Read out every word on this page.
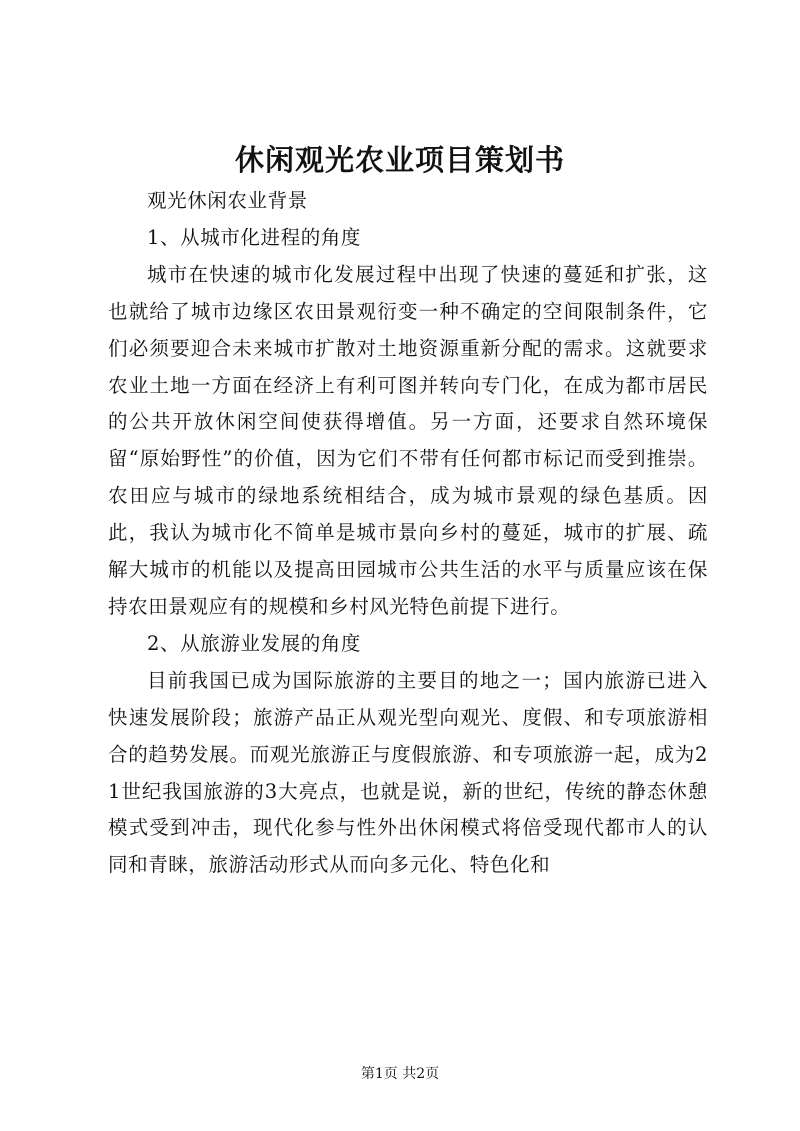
休闲观光农业项目策划书

观光休闲农业背景

1、从城市化进程的角度

城市在快速的城市化发展过程中出现了快速的蔓延和扩张，这也就给了城市边缘区农田景观衍变一种不确定的空间限制条件，它们必须要迎合未来城市扩散对土地资源重新分配的需求。这就要求农业土地一方面在经济上有利可图并转向专门化，在成为都市居民的公共开放休闲空间使获得增值。另一方面，还要求自然环境保留“原始野性”的价值，因为它们不带有任何都市标记而受到推崇。农田应与城市的绿地系统相结合，成为城市景观的绿色基质。因此，我认为城市化不简单是城市景向乡村的蔓延，城市的扩展、疏解大城市的机能以及提高田园城市公共生活的水平与质量应该在保持农田景观应有的规模和乡村风光特色前提下进行。

2、从旅游业发展的角度

目前我国已成为国际旅游的主要目的地之一；国内旅游已进入快速发展阶段；旅游产品正从观光型向观光、度假、和专项旅游相合的趋势发展。而观光旅游正与度假旅游、和专项旅游一起，成为21世纪我国旅游的3大亮点，也就是说，新的世纪，传统的静态休憩模式受到冲击，现代化参与性外出休闲模式将倍受现代都市人的认同和青睐，旅游活动形式从而向多元化、特色化和

第1页 共2页
